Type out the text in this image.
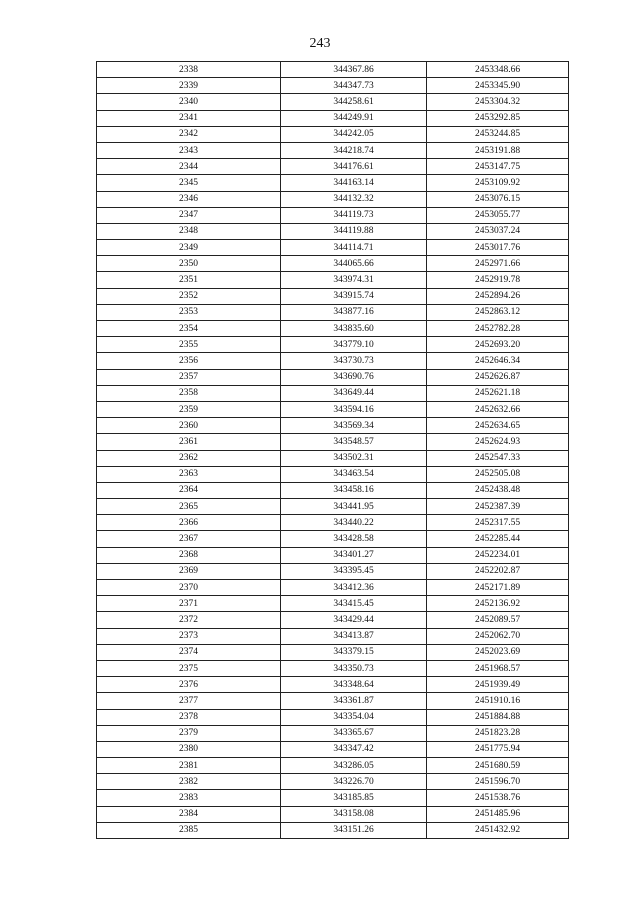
243
2338	344367.86	2453348.66
2339	344347.73	2453345.90
2340	344258.61	2453304.32
2341	344249.91	2453292.85
2342	344242.05	2453244.85
2343	344218.74	2453191.88
2344	344176.61	2453147.75
2345	344163.14	2453109.92
2346	344132.32	2453076.15
2347	344119.73	2453055.77
2348	344119.88	2453037.24
2349	344114.71	2453017.76
2350	344065.66	2452971.66
2351	343974.31	2452919.78
2352	343915.74	2452894.26
2353	343877.16	2452863.12
2354	343835.60	2452782.28
2355	343779.10	2452693.20
2356	343730.73	2452646.34
2357	343690.76	2452626.87
2358	343649.44	2452621.18
2359	343594.16	2452632.66
2360	343569.34	2452634.65
2361	343548.57	2452624.93
2362	343502.31	2452547.33
2363	343463.54	2452505.08
2364	343458.16	2452438.48
2365	343441.95	2452387.39
2366	343440.22	2452317.55
2367	343428.58	2452285.44
2368	343401.27	2452234.01
2369	343395.45	2452202.87
2370	343412.36	2452171.89
2371	343415.45	2452136.92
2372	343429.44	2452089.57
2373	343413.87	2452062.70
2374	343379.15	2452023.69
2375	343350.73	2451968.57
2376	343348.64	2451939.49
2377	343361.87	2451910.16
2378	343354.04	2451884.88
2379	343365.67	2451823.28
2380	343347.42	2451775.94
2381	343286.05	2451680.59
2382	343226.70	2451596.70
2383	343185.85	2451538.76
2384	343158.08	2451485.96
2385	343151.26	2451432.92
